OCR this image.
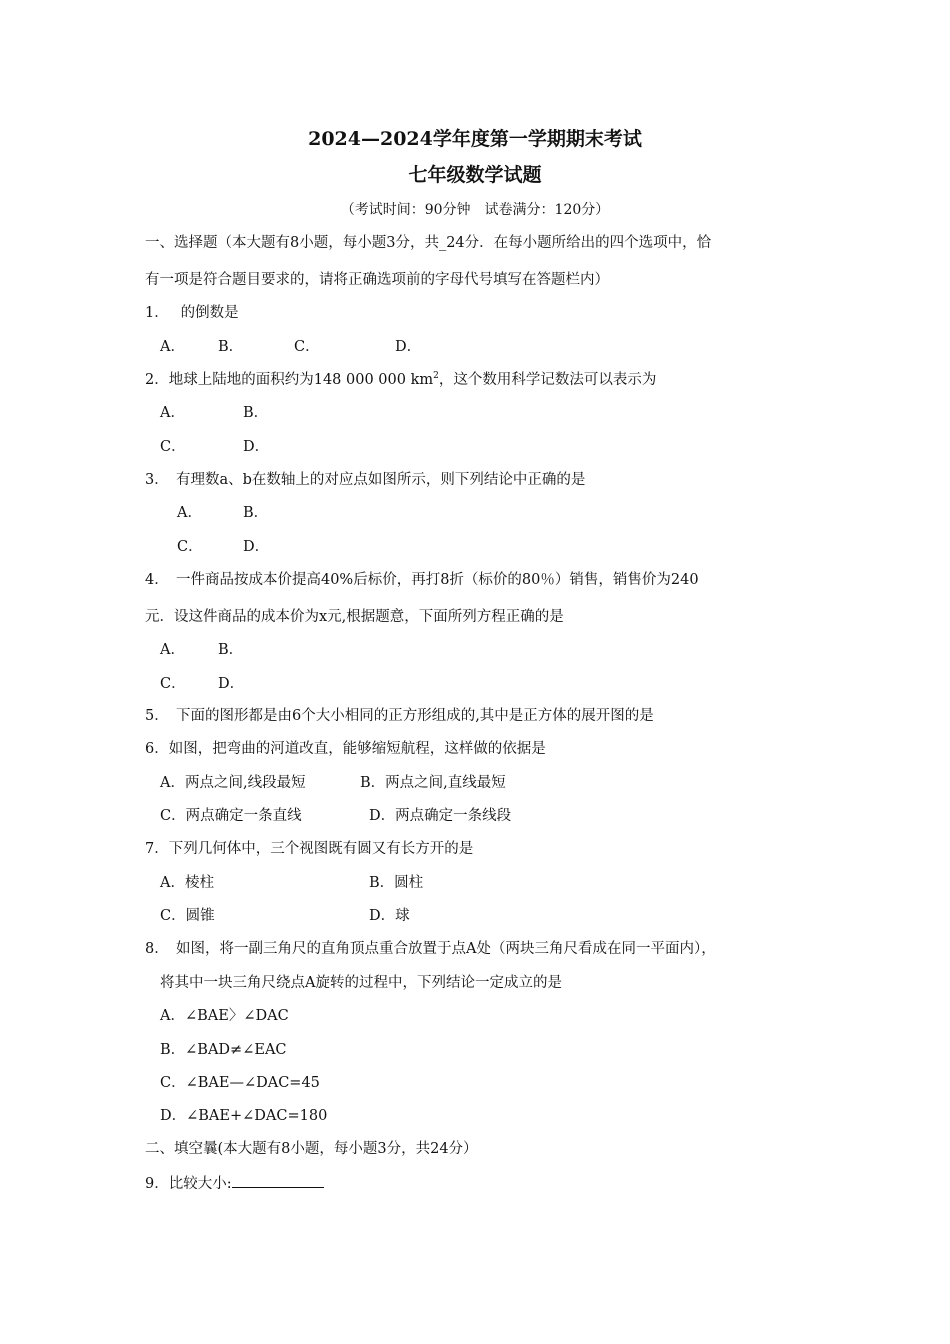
2024—2024学年度第一学期期末考试
七年级数学试题
（考试时间：90分钟　试卷满分：120分）
一、选择题（本大题有8小题，每小题3分，共_24分．在每小题所给出的四个选项中，恰
有一项是符合题目要求的，请将正确选项前的字母代号填写在答题栏内）
1．　 的倒数是
A． B．	C．	D．
2．地球上陆地的面积约为148 000 000 $km^2$，这个数用科学记数法可以表示为
A．	B．
C．	D．
3．　有理数a、b在数轴上的对应点如图所示，则下列结论中正确的是
A．	B．
C．	D．
4．　一件商品按成本价提高40%后标价，再打8折（标价的80％）销售，销售价为240
元．设这件商品的成本价为x元,根据题意，下面所列方程正确的是
A． B．
C． D．
5．　下面的图形都是由6个大小相同的正方形组成的,其中是正方体的展开图的是
6．如图，把弯曲的河道改直，能够缩短航程，这样做的依据是
A．两点之间,线段最短	B．两点之间,直线最短
C．两点确定一条直线	D．两点确定一条线段
7．下列几何体中，三个视图既有圆又有长方开的是
A．棱柱	B．圆柱
C．圆锥	D．球
8．　如图，将一副三角尺的直角顶点重合放置于点A处（两块三角尺看成在同一平面内），
将其中一块三角尺绕点A旋转的过程中，下列结论一定成立的是
A．∠BAE〉∠DAC
B．∠BAD≠∠EAC
C．∠BAE—∠DAC=45
D．∠BAE+∠DAC=180
二、填空曩(本大题有8小题，每小题3分，共24分）
9．比较大小:
